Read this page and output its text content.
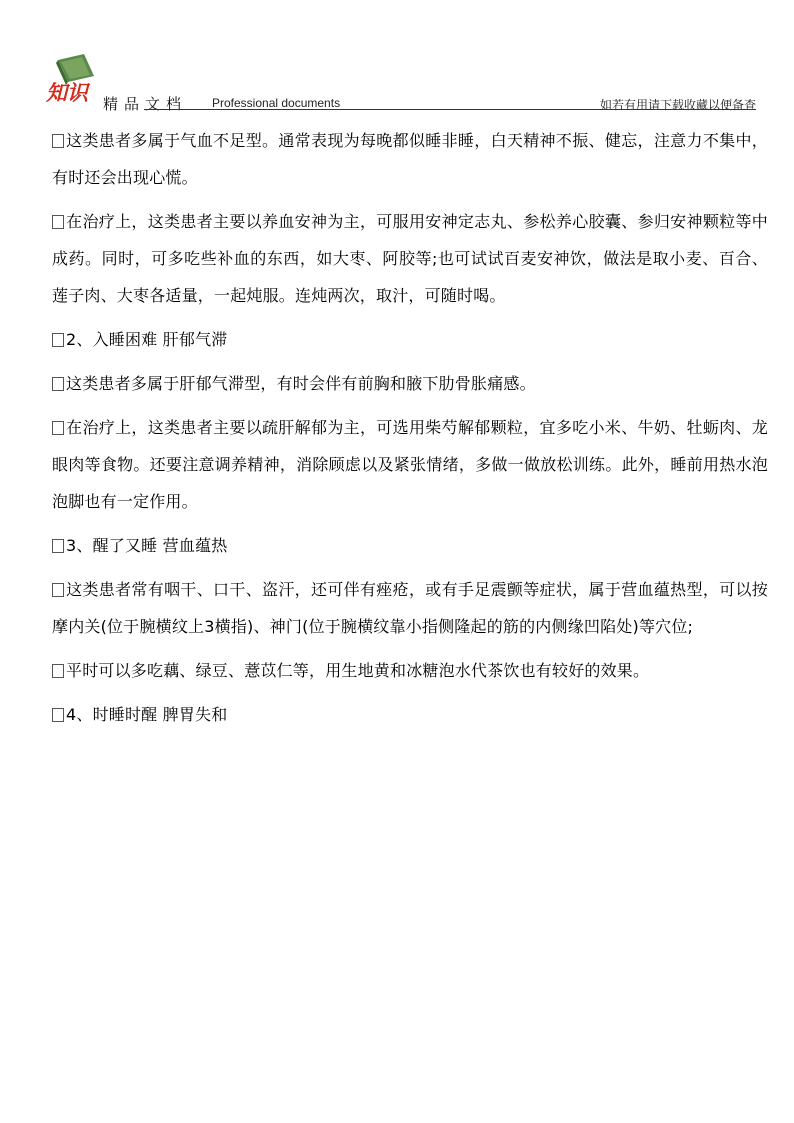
知识 精品文档 Professional documents	如若有用请下载收藏以便备查

这类患者多属于气血不足型。通常表现为每晚都似睡非睡，白天精神不振、健忘，注意力不集中，有时还会出现心慌。

在治疗上，这类患者主要以养血安神为主，可服用安神定志丸、参松养心胶囊、参归安神颗粒等中成药。同时，可多吃些补血的东西，如大枣、阿胶等;也可试试百麦安神饮，做法是取小麦、百合、莲子肉、大枣各适量，一起炖服。连炖两次，取汁，可随时喝。

2、入睡困难 肝郁气滞

这类患者多属于肝郁气滞型，有时会伴有前胸和腋下肋骨胀痛感。

在治疗上，这类患者主要以疏肝解郁为主，可选用柴芍解郁颗粒，宜多吃小米、牛奶、牡蛎肉、龙眼肉等食物。还要注意调养精神，消除顾虑以及紧张情绪，多做一做放松训练。此外，睡前用热水泡泡脚也有一定作用。

3、醒了又睡 营血蕴热

这类患者常有咽干、口干、盗汗，还可伴有痤疮，或有手足震颤等症状，属于营血蕴热型，可以按摩内关(位于腕横纹上3横指)、神门(位于腕横纹靠小指侧隆起的筋的内侧缘凹陷处)等穴位;

平时可以多吃藕、绿豆、薏苡仁等，用生地黄和冰糖泡水代茶饮也有较好的效果。

4、时睡时醒 脾胃失和
